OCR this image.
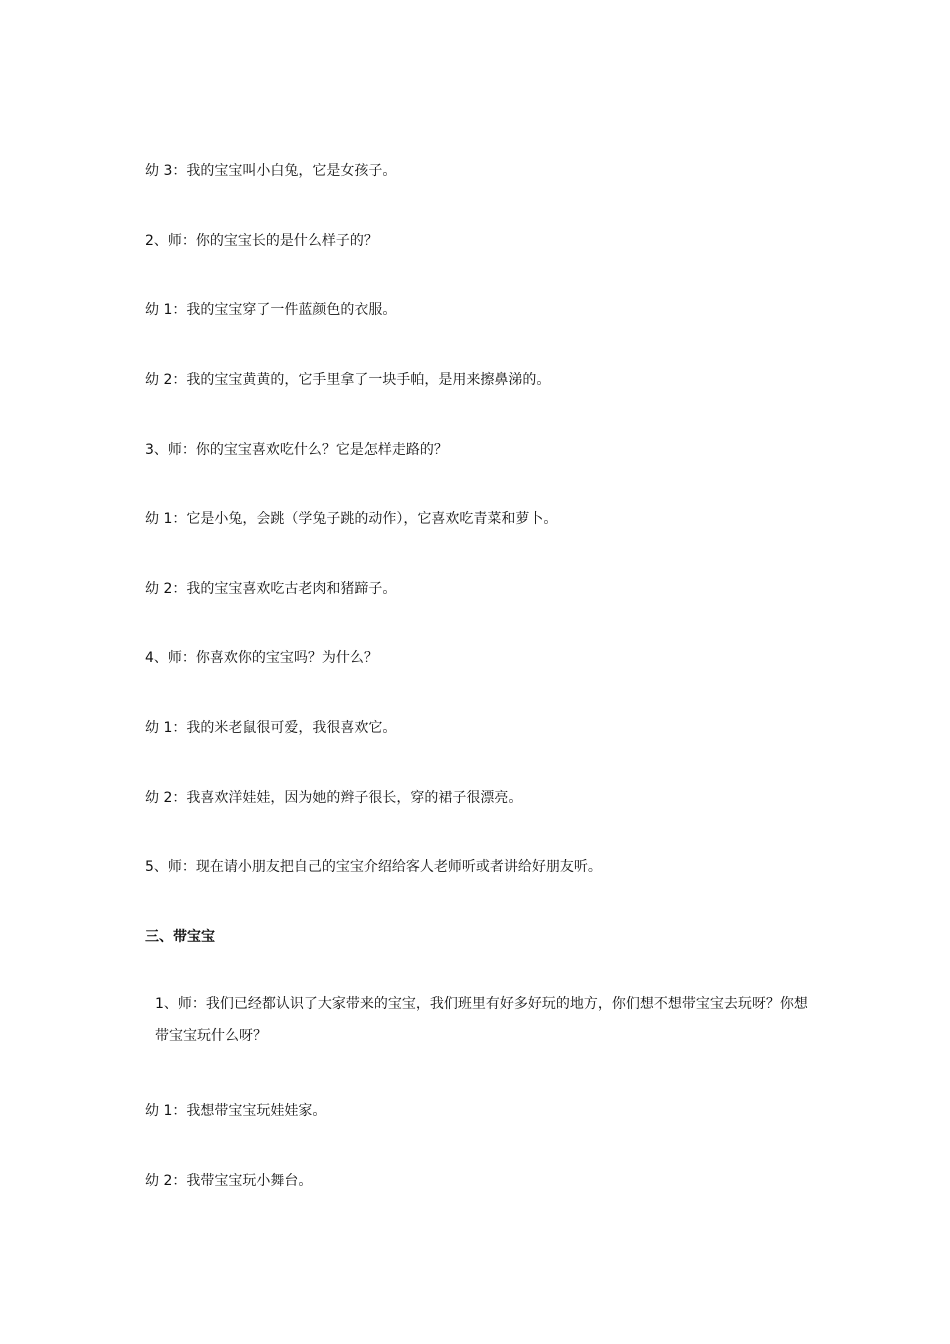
幼 3：我的宝宝叫小白兔，它是女孩子。
2、师：你的宝宝长的是什么样子的？
幼 1：我的宝宝穿了一件蓝颜色的衣服。
幼 2：我的宝宝黄黄的，它手里拿了一块手帕，是用来擦鼻涕的。
3、师：你的宝宝喜欢吃什么？它是怎样走路的？
幼 1：它是小兔，会跳（学兔子跳的动作），它喜欢吃青菜和萝卜。
幼 2：我的宝宝喜欢吃古老肉和猪蹄子。
4、师：你喜欢你的宝宝吗？为什么？
幼 1：我的米老鼠很可爱，我很喜欢它。
幼 2：我喜欢洋娃娃，因为她的辫子很长，穿的裙子很漂亮。
5、师：现在请小朋友把自己的宝宝介绍给客人老师听或者讲给好朋友听。
三、带宝宝
1、师：我们已经都认识了大家带来的宝宝，我们班里有好多好玩的地方，你们想不想带宝宝去玩呀？你想带宝宝玩什么呀？
幼 1：我想带宝宝玩娃娃家。
幼 2：我带宝宝玩小舞台。
